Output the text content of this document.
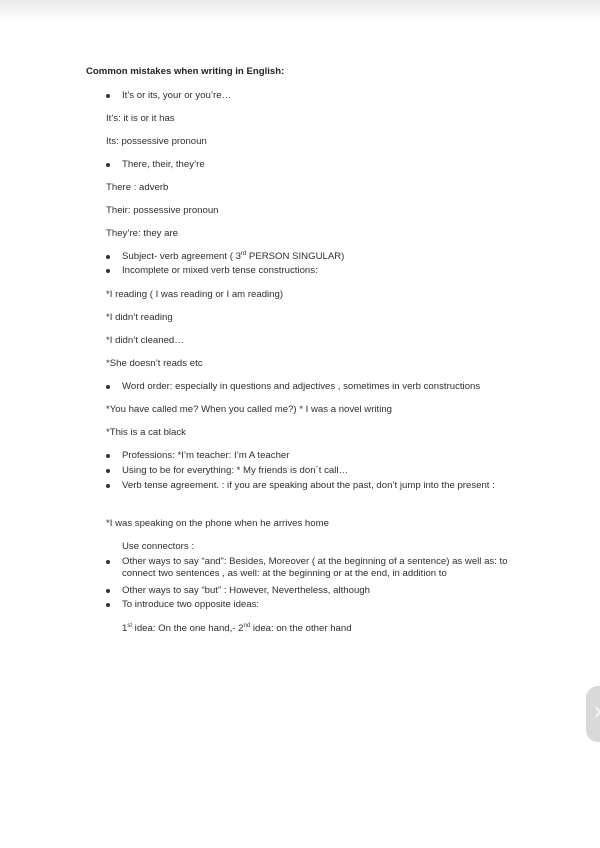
Common mistakes when writing in English:
It’s or its, your or you’re…
It’s: it is or it has
Its: possessive pronoun
There, their, they’re
There : adverb
Their: possessive pronoun
They’re: they are
Subject- verb agreement ( 3rd PERSON SINGULAR)
Incomplete or mixed verb tense constructions:
*I reading ( I was reading or I am reading)
*I didn’t reading
*I didn’t cleaned…
*She doesn’t reads etc
Word order: especially in questions and adjectives , sometimes in verb constructions
*You have called me? When you called me?) * I was a novel writing
*This is a cat black
Professions: *I’m teacher: I’m A teacher
Using to be for everything: * My friends is don´t call…
Verb tense agreement. : if you are speaking about the past, don’t jump into the present :
*I was speaking on the phone when he arrives home
Use connectors :
Other ways to say “and”: Besides, Moreover ( at the beginning of a sentence) as well as: to connect two sentences , as well: at the beginning or at the end, in addition to
Other ways to say “but” : However, Nevertheless, although
To introduce two opposite ideas:
1st idea: On the one hand,- 2nd idea: on the other hand
